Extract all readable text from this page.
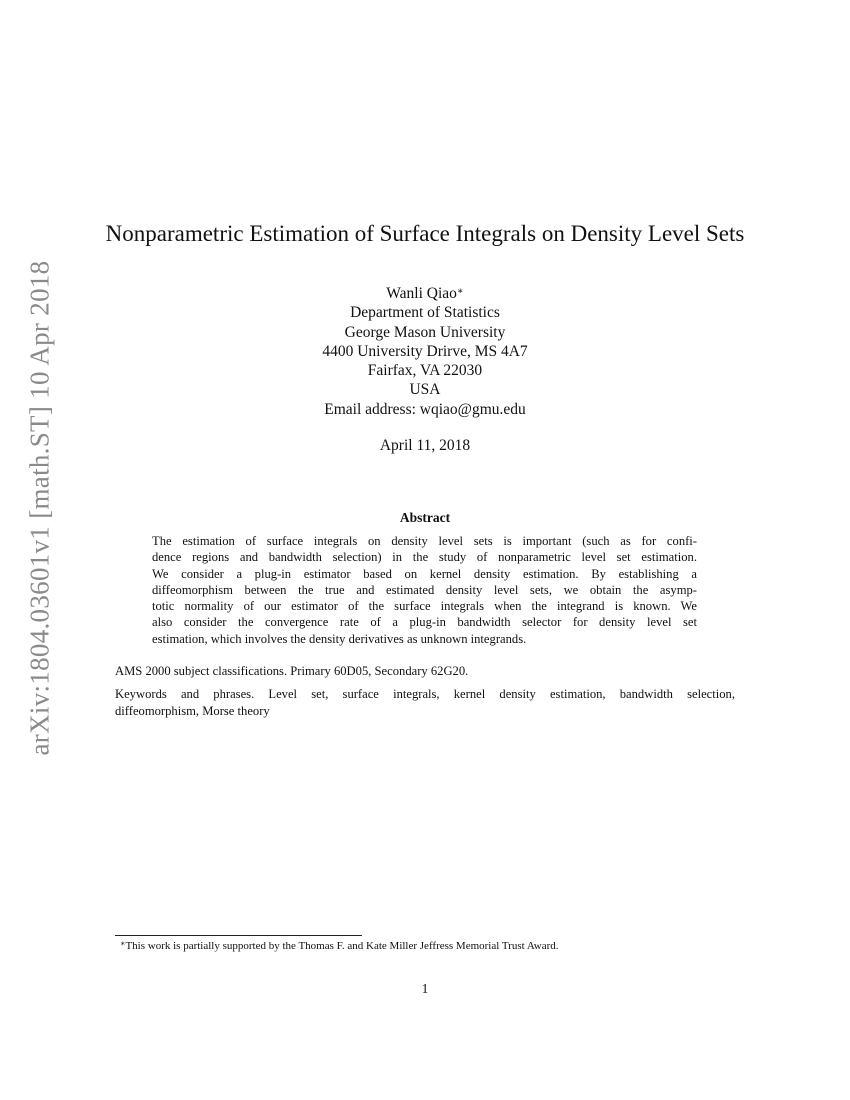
arXiv:1804.03601v1 [math.ST] 10 Apr 2018
Nonparametric Estimation of Surface Integrals on Density Level Sets
Wanli Qiao∗
Department of Statistics
George Mason University
4400 University Drirve, MS 4A7
Fairfax, VA 22030
USA
Email address: wqiao@gmu.edu
April 11, 2018
Abstract
The estimation of surface integrals on density level sets is important (such as for confi-
dence regions and bandwidth selection) in the study of nonparametric level set estimation.
We consider a plug-in estimator based on kernel density estimation. By establishing a
diffeomorphism between the true and estimated density level sets, we obtain the asymp-
totic normality of our estimator of the surface integrals when the integrand is known. We
also consider the convergence rate of a plug-in bandwidth selector for density level set
estimation, which involves the density derivatives as unknown integrands.
AMS 2000 subject classifications. Primary 60D05, Secondary 62G20.
Keywords and phrases. Level set, surface integrals, kernel density estimation, bandwidth selection,
diffeomorphism, Morse theory
∗This work is partially supported by the Thomas F. and Kate Miller Jeffress Memorial Trust Award.
1
